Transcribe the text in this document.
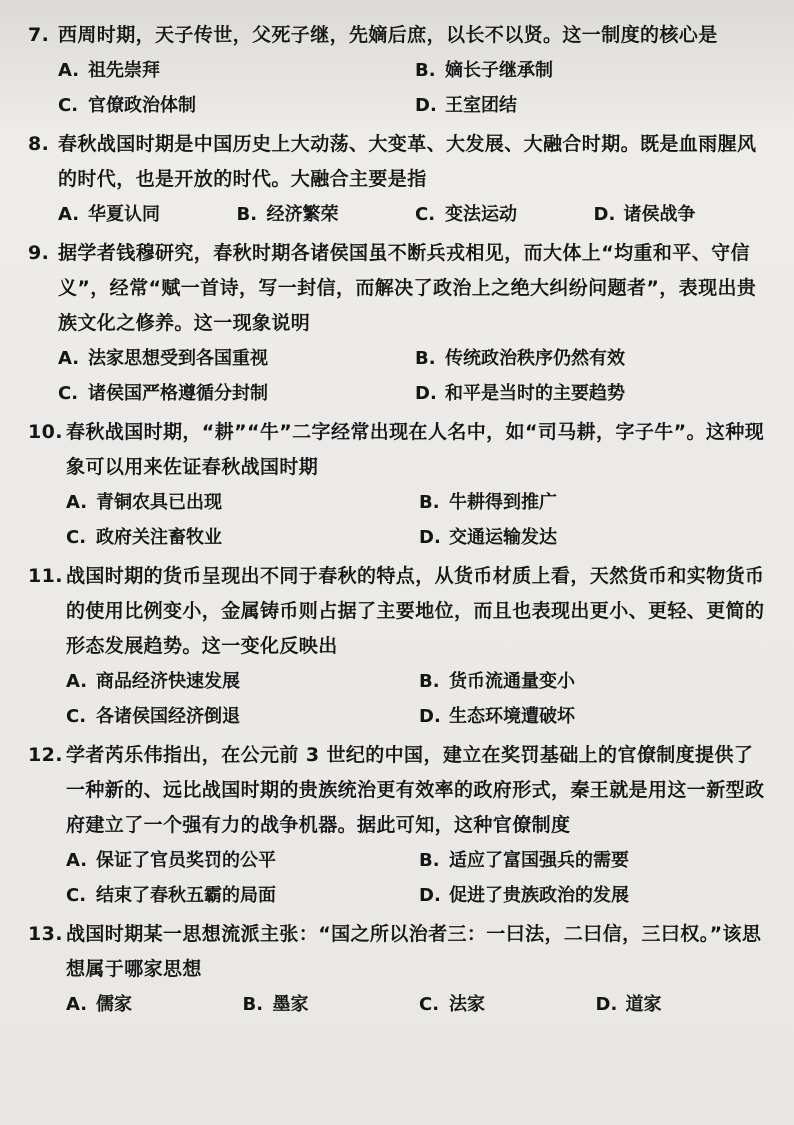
7. 西周时期，天子传世，父死子继，先嫡后庶，以长不以贤。这一制度的核心是
A. 祖先崇拜	B. 嫡长子继承制
C. 官僚政治体制	D. 王室团结
8. 春秋战国时期是中国历史上大动荡、大变革、大发展、大融合时期。既是血雨腥风的时代，也是开放的时代。大融合主要是指
A. 华夏认同	B. 经济繁荣	C. 变法运动	D. 诸侯战争
9. 据学者钱穆研究，春秋时期各诸侯国虽不断兵戎相见，而大体上“均重和平、守信义”，经常“赋一首诗，写一封信，而解决了政治上之绝大纠纷问题者”，表现出贵族文化之修养。这一现象说明
A. 法家思想受到各国重视	B. 传统政治秩序仍然有效
C. 诸侯国严格遵循分封制	D. 和平是当时的主要趋势
10. 春秋战国时期，“耕”“牛”二字经常出现在人名中，如“司马耕，字子牛”。这种现象可以用来佐证春秋战国时期
A. 青铜农具已出现	B. 牛耕得到推广
C. 政府关注畜牧业	D. 交通运输发达
11. 战国时期的货币呈现出不同于春秋的特点，从货币材质上看，天然货币和实物货币的使用比例变小，金属铸币则占据了主要地位，而且也表现出更小、更轻、更简的形态发展趋势。这一变化反映出
A. 商品经济快速发展	B. 货币流通量变小
C. 各诸侯国经济倒退	D. 生态环境遭破坏
12. 学者芮乐伟指出，在公元前 3 世纪的中国，建立在奖罚基础上的官僚制度提供了一种新的、远比战国时期的贵族统治更有效率的政府形式，秦王就是用这一新型政府建立了一个强有力的战争机器。据此可知，这种官僚制度
A. 保证了官员奖罚的公平	B. 适应了富国强兵的需要
C. 结束了春秋五霸的局面	D. 促进了贵族政治的发展
13. 战国时期某一思想流派主张：“国之所以治者三：一曰法，二曰信，三曰权。”该思想属于哪家思想
A. 儒家	B. 墨家	C. 法家	D. 道家
